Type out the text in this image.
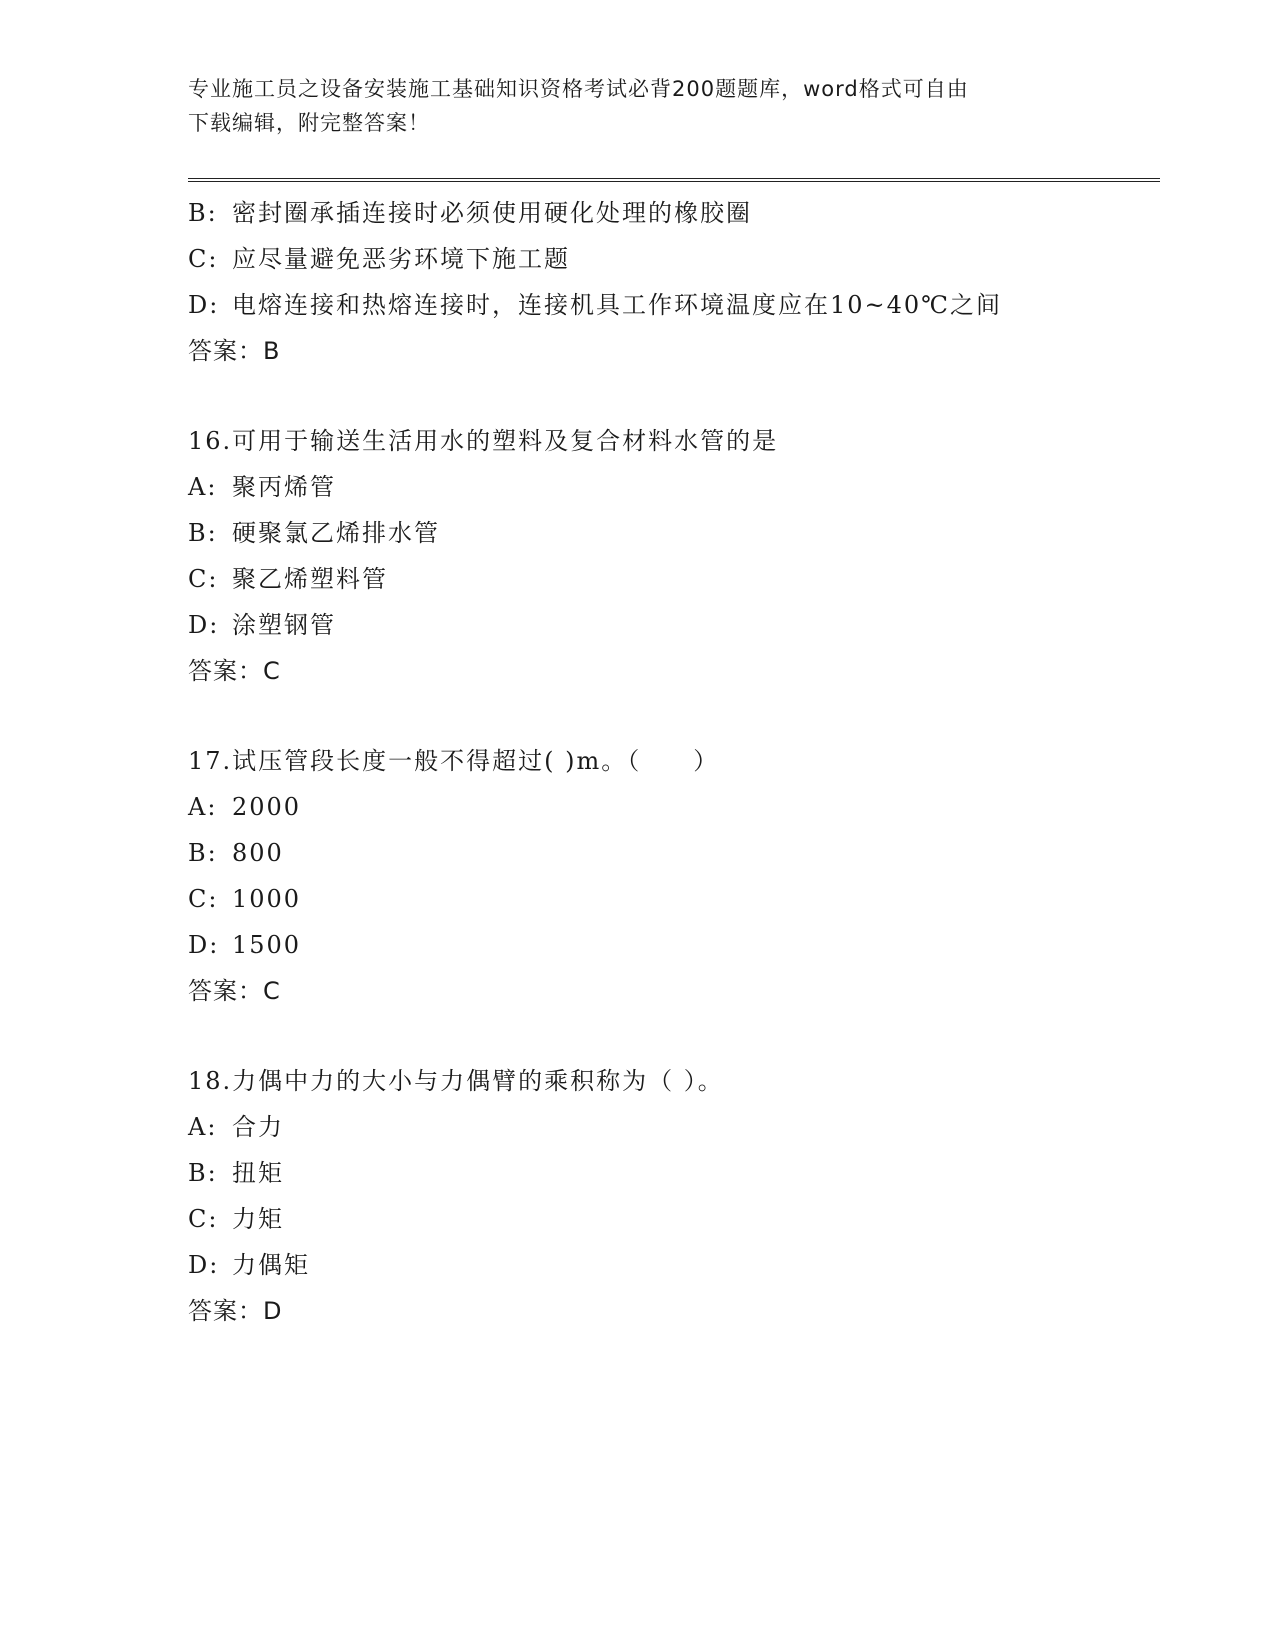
专业施工员之设备安装施工基础知识资格考试必背200题题库，word格式可自由
下载编辑，附完整答案！
B: 密封圈承插连接时必须使用硬化处理的橡胶圈
C: 应尽量避免恶劣环境下施工题
D: 电熔连接和热熔连接时，连接机具工作环境温度应在10~40℃之间
答案：B
16.可用于输送生活用水的塑料及复合材料水管的是
A: 聚丙烯管
B: 硬聚氯乙烯排水管
C: 聚乙烯塑料管
D: 涂塑钢管
答案：C
17.试压管段长度一般不得超过( )m。（　　）
A: 2000
B: 800
C: 1000
D: 1500
答案：C
18.力偶中力的大小与力偶臂的乘积称为（ ）。
A: 合力
B: 扭矩
C: 力矩
D: 力偶矩
答案：D
